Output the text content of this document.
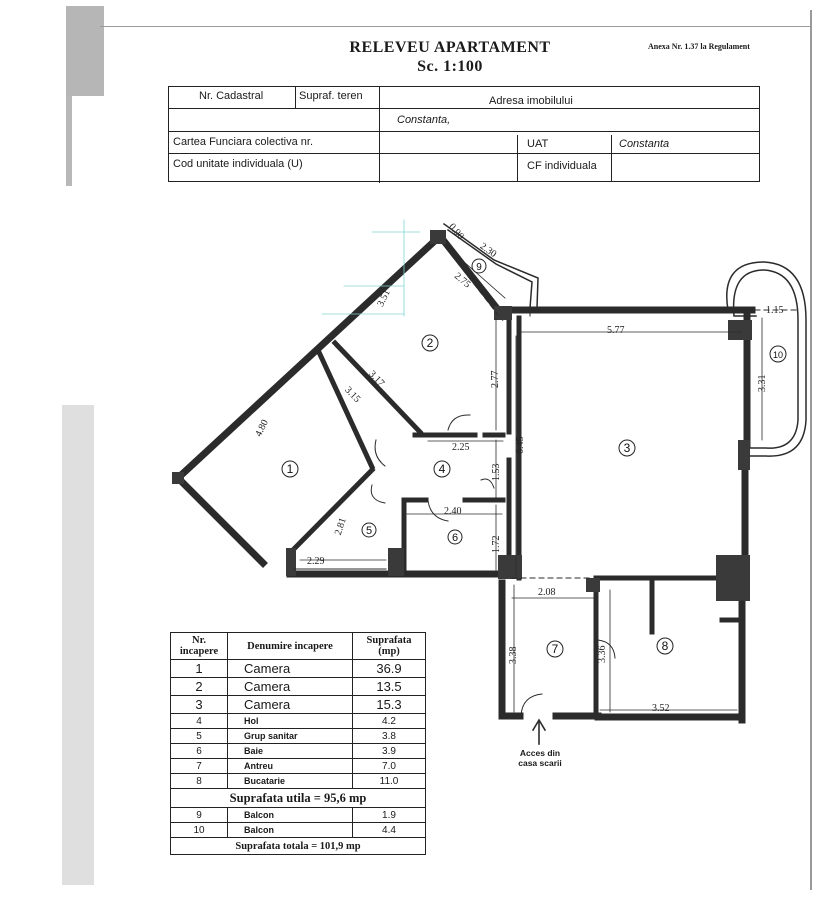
RELEVEU APARTAMENT
Sc. 1:100
Anexa Nr. 1.37 la Regulament
Nr. Cadastral	Supraf. teren	Adresa imobilului
Constanta,
Cartea Funciara colectiva nr.	UAT	Constanta
Cod unitate individuala (U)	CF individuala
1
2
3
4
5
6
7	8
9
10
0.90
2.30
2.75
3.51
4.80
3.17
3.15
2.77
5.77
1.15
3.31
6.45
2.25
1.53
2.40
1.72
2.81
2.29
2.08
3.38	3.36
3.52
Acces din
casa scarii
Nr. incapere	Denumire incapere	Suprafata (mp)
1	Camera	36.9
2	Camera	13.5
3	Camera	15.3
4	Hol	4.2
5	Grup sanitar	3.8
6	Baie	3.9
7	Antreu	7.0
8	Bucatarie	11.0
Suprafata utila = 95,6 mp		
9	Balcon	1.9
10	Balcon	4.4
Suprafata totala = 101,9 mp		
